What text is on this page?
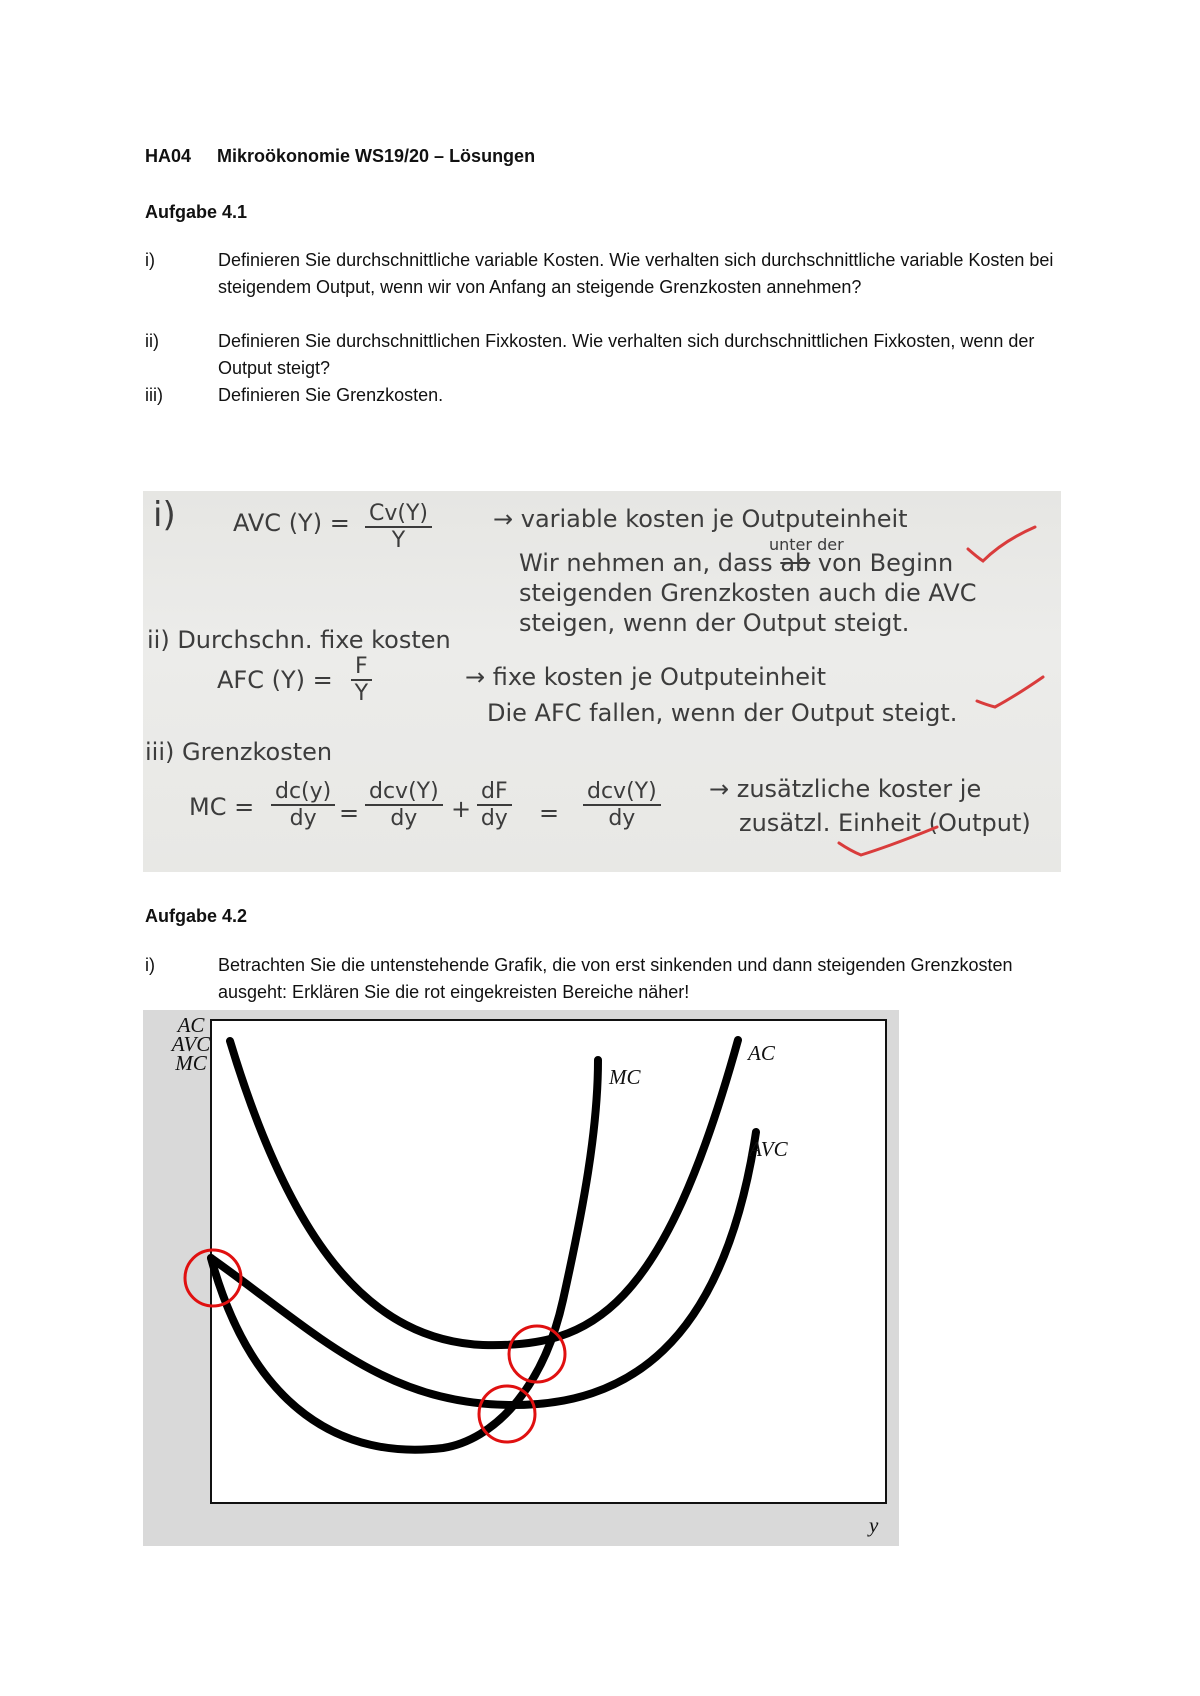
HA04 Mikroökonomie WS19/20 – Lösungen
Aufgabe 4.1
i)	Definieren Sie durchschnittliche variable Kosten. Wie verhalten sich durchschnittliche variable Kosten bei steigendem Output, wenn wir von Anfang an steigende Grenzkosten annehmen?
ii)	Definieren Sie durchschnittlichen Fixkosten. Wie verhalten sich durchschnittlichen Fixkosten, wenn der Output steigt?
iii)	Definieren Sie Grenzkosten.
i) AVC $(Y) = \frac{Cv(Y)}{Y}$	→ variable kosten je Outputeinheit
unter der
Wir nehmen an, dass ab von Beginn
steigenden Grenzkosten auch die AVC
steigen, wenn der Output steigt.
ii) Durchschn. fixe kosten
AFC $(Y) = \frac{F}{Y}$	→ fixe kosten je Outputeinheit
Die AFC fallen, wenn der Output steigt.
iii) Grenzkosten
MC = $\frac{dc(y)}{dy}$ =
dcv(Y)
dy	+ $\frac{dF}{dy}$ =
dcv(Y)
dy
→ zusätzliche koster je
zusätzl. Einheit (Output)
Aufgabe 4.2
i)	Betrachten Sie die untenstehende Grafik, die von erst sinkenden und dann steigenden Grenzkosten ausgeht: Erklären Sie die rot eingekreisten Bereiche näher!
AC
AVC
MC	AC
MC
AVC
y
